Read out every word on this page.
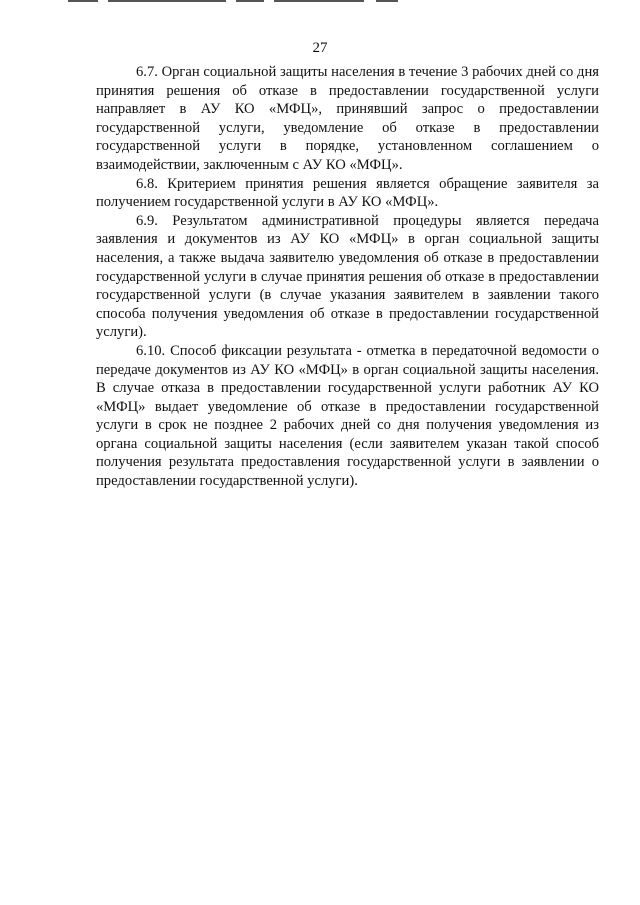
27

6.7. Орган социальной защиты населения в течение 3 рабочих дней со дня принятия решения об отказе в предоставлении государственной услуги направляет в АУ КО «МФЦ», принявший запрос о предоставлении государственной услуги, уведомление об отказе в предоставлении государственной услуги в порядке, установленном соглашением о взаимодействии, заключенным с АУ КО «МФЦ».

6.8. Критерием принятия решения является обращение заявителя за получением государственной услуги в АУ КО «МФЦ».

6.9. Результатом административной процедуры является передача заявления и документов из АУ КО «МФЦ» в орган социальной защиты населения, а также выдача заявителю уведомления об отказе в предоставлении государственной услуги в случае принятия решения об отказе в предоставлении государственной услуги (в случае указания заявителем в заявлении такого способа получения уведомления об отказе в предоставлении государственной услуги).

6.10. Способ фиксации результата - отметка в передаточной ведомости о передаче документов из АУ КО «МФЦ» в орган социальной защиты населения. В случае отказа в предоставлении государственной услуги работник АУ КО «МФЦ» выдает уведомление об отказе в предоставлении государственной услуги в срок не позднее 2 рабочих дней со дня получения уведомления из органа социальной защиты населения (если заявителем указан такой способ получения результата предоставления государственной услуги в заявлении о предоставлении государственной услуги).
